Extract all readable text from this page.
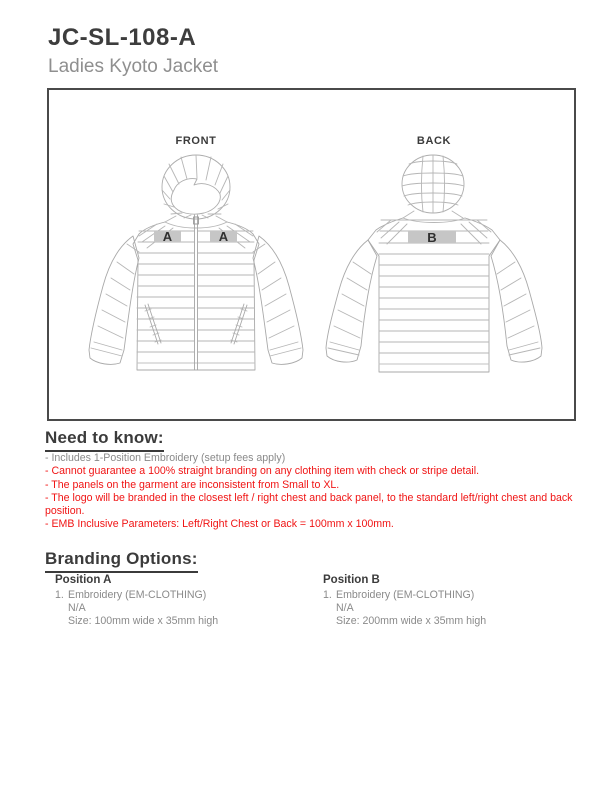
JC-SL-108-A
Ladies Kyoto Jacket
FRONT	BACK
A	A	B
Need to know:

- Includes 1-Position Embroidery (setup fees apply)

- Cannot guarantee a 100% straight branding on any clothing item with check or stripe detail.

- The panels on the garment are inconsistent from Small to XL.

- The logo will be branded in the closest left / right chest and back panel, to the standard left/right chest and back position.

- EMB Inclusive Parameters: Left/Right Chest or Back = 100mm x 100mm.

Branding Options:

Position A

1. Embroidery (EM-CLOTHING)
N/A
Size: 100mm wide x 35mm high

Position B

1. Embroidery (EM-CLOTHING)
N/A
Size: 200mm wide x 35mm high
